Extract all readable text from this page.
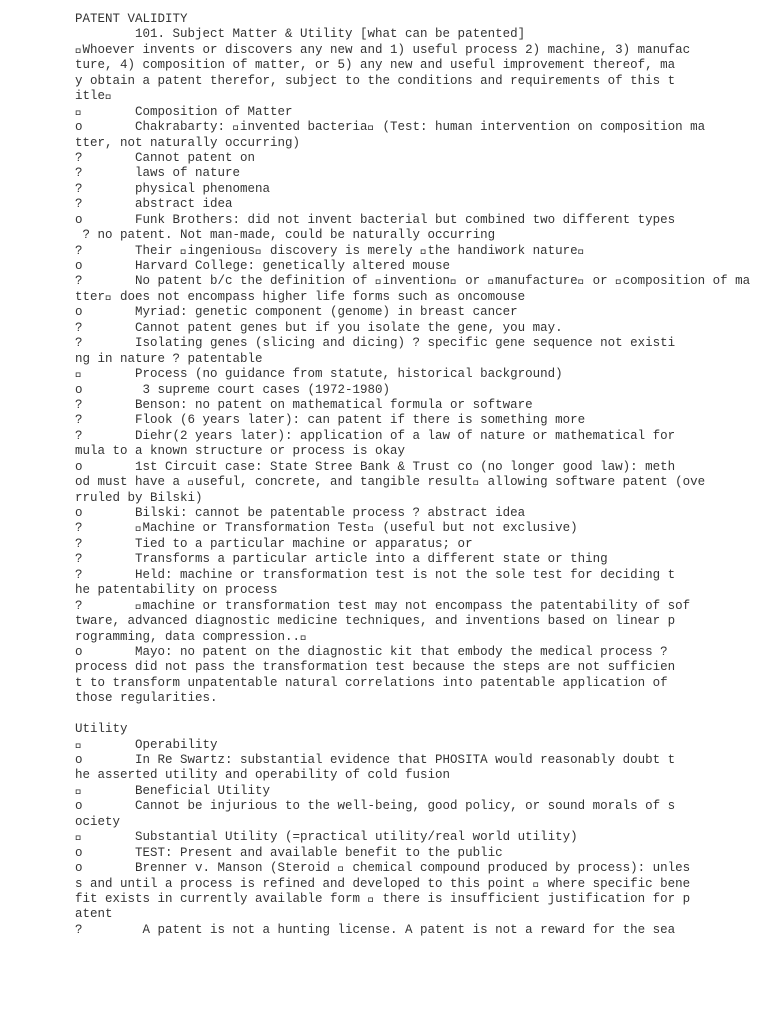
PATENT VALIDITY
101. Subject Matter & Utility [what can be patented]
Whoever invents or discovers any new and 1) useful process 2) machine, 3) manufac
ture, 4) composition of matter, or 5) any new and useful improvement thereof, ma
y obtain a patent therefor, subject to the conditions and requirements of this t
itle
Composition of Matter
o       Chakrabarty:  invented bacteria  (Test: human intervention on composition ma
tter, not naturally occurring)
?       Cannot patent on
?       laws of nature
?       physical phenomena
?       abstract idea
o       Funk Brothers: did not invent bacterial but combined two different types
? no patent. Not man-made, could be naturally occurring
?       Their  ingenious  discovery is merely  the handiwork nature
o       Harvard College: genetically altered mouse
?       No patent b/c the definition of  invention  or  manufacture  or  composition of ma
tter  does not encompass higher life forms such as oncomouse
o       Myriad: genetic component (genome) in breast cancer
?       Cannot patent genes but if you isolate the gene, you may.
?       Isolating genes (slicing and dicing) ? specific gene sequence not existi
ng in nature ? patentable
Process (no guidance from statute, historical background)
o        3 supreme court cases (1972-1980)
?       Benson: no patent on mathematical formula or software
?       Flook (6 years later): can patent if there is something more
?       Diehr(2 years later): application of a law of nature or mathematical for
mula to a known structure or process is okay
o       1st Circuit case: State Stree Bank & Trust co (no longer good law): meth
od must have a  useful, concrete, and tangible result  allowing software patent (ove
rruled by Bilski)
o       Bilski: cannot be patentable process ? abstract idea
?        Machine or Transformation Test  (useful but not exclusive)
?       Tied to a particular machine or apparatus; or
?       Transforms a particular article into a different state or thing
?       Held: machine or transformation test is not the sole test for deciding t
he patentability on process
?        machine or transformation test may not encompass the patentability of sof
tware, advanced diagnostic medicine techniques, and inventions based on linear p
rogramming, data compression..
o       Mayo: no patent on the diagnostic kit that embody the medical process ?
process did not pass the transformation test because the steps are not sufficien
t to transform unpatentable natural correlations into patentable application of
those regularities.
Utility
Operability
o       In Re Swartz: substantial evidence that PHOSITA would reasonably doubt t
he asserted utility and operability of cold fusion
Beneficial Utility
o       Cannot be injurious to the well-being, good policy, or sound morals of s
ociety
Substantial Utility (=practical utility/real world utility)
o       TEST: Present and available benefit to the public
o       Brenner v. Manson (Steroid   chemical compound produced by process): unles
s and until a process is refined and developed to this point   where specific bene
fit exists in currently available form   there is insufficient justification for p
atent
?        A patent is not a hunting license. A patent is not a reward for the sea
